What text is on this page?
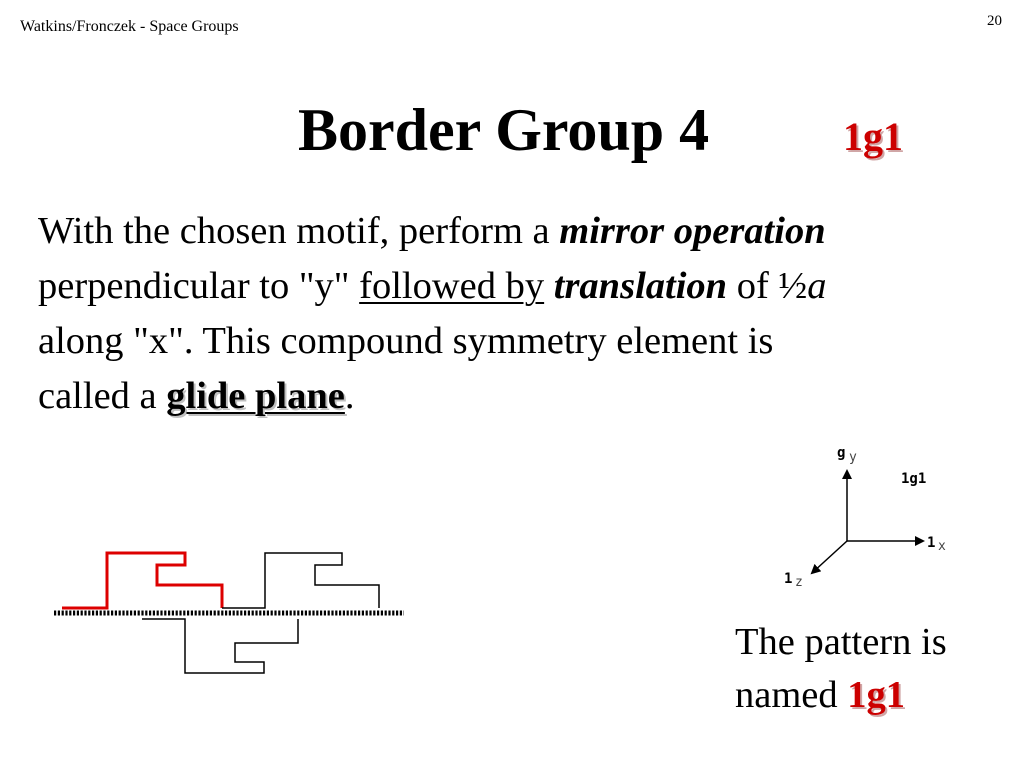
Watkins/Fronczek - Space Groups	20
Border Group 4	1g1
With the chosen motif, perform a mirror operation
perpendicular to "y" followed by translation of ½a
along "x". This compound symmetry element is
called a glide plane.
g y
1g1
1 x
1 z
The pattern is
named 1g1
